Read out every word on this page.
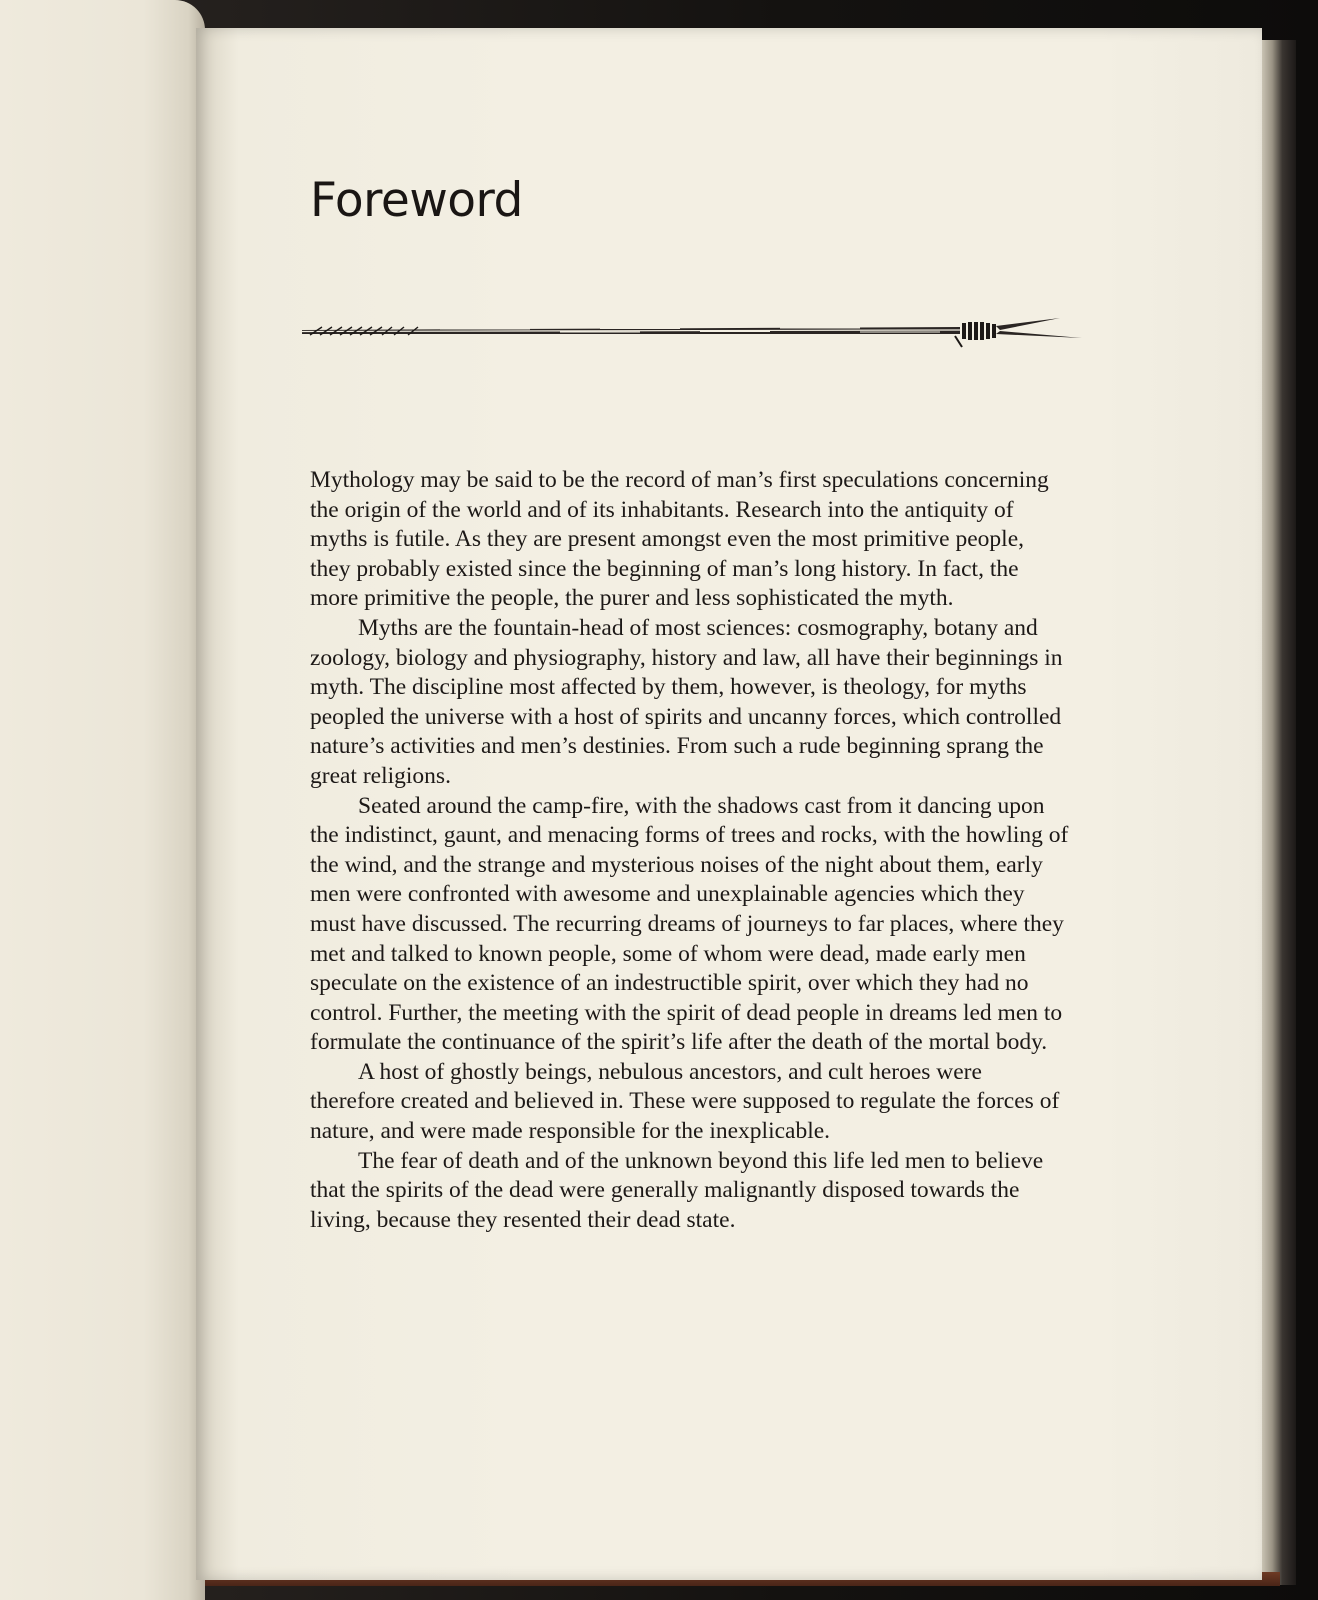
Foreword

Mythology may be said to be the record of man’s first speculations concerning the origin of the world and of its inhabitants. Research into the antiquity of myths is futile. As they are present amongst even the most primitive people, they probably existed since the beginning of man’s long history. In fact, the more primitive the people, the purer and less sophisticated the myth.

Myths are the fountain-head of most sciences: cosmography, botany and zoology, biology and physiography, history and law, all have their beginnings in myth. The discipline most affected by them, however, is theology, for myths peopled the universe with a host of spirits and uncanny forces, which controlled nature’s activities and men’s destinies. From such a rude beginning sprang the great religions.

Seated around the camp-fire, with the shadows cast from it dancing upon the indistinct, gaunt, and menacing forms of trees and rocks, with the howling of the wind, and the strange and mysterious noises of the night about them, early men were confronted with awesome and unexplainable agencies which they must have discussed. The recurring dreams of journeys to far places, where they met and talked to known people, some of whom were dead, made early men speculate on the existence of an indestructible spirit, over which they had no control. Further, the meeting with the spirit of dead people in dreams led men to formulate the continuance of the spirit’s life after the death of the mortal body.

A host of ghostly beings, nebulous ancestors, and cult heroes were therefore created and believed in. These were supposed to regulate the forces of nature, and were made responsible for the inexplicable.

The fear of death and of the unknown beyond this life led men to believe that the spirits of the dead were generally malignantly disposed towards the living, because they resented their dead state.
